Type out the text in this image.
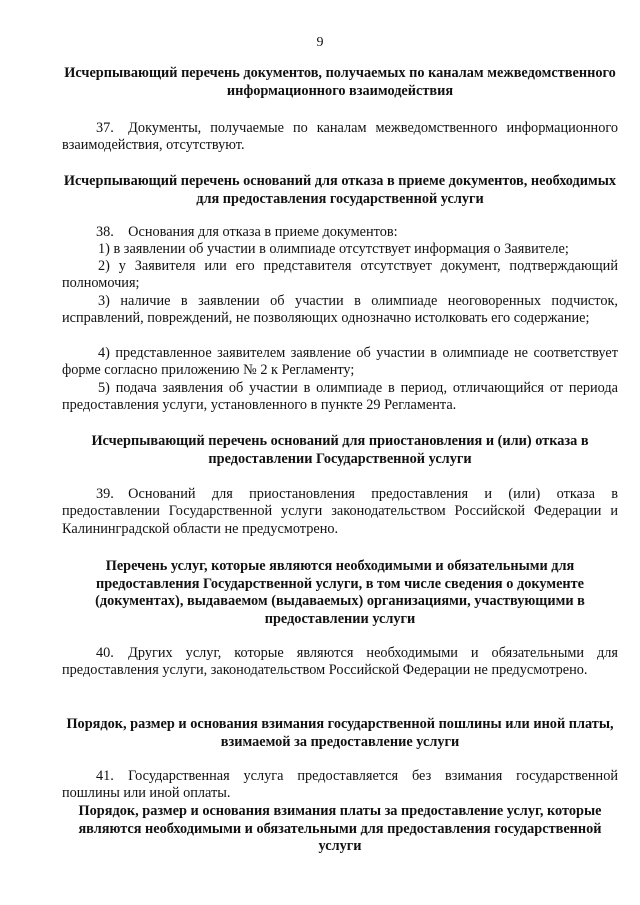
9
Исчерпывающий перечень документов, получаемых по каналам межведомственного информационного взаимодействия

37. Документы, получаемые по каналам межведомственного информационного взаимодействия, отсутствуют.

Исчерпывающий перечень оснований для отказа в приеме документов, необходимых для предоставления государственной услуги

38. Основания для отказа в приеме документов:

1) в заявлении об участии в олимпиаде отсутствует информация о Заявителе;

2) у Заявителя или его представителя отсутствует документ, подтверждающий полномочия;

3) наличие в заявлении об участии в олимпиаде неоговоренных подчисток, исправлений, повреждений, не позволяющих однозначно истолковать его содержание;

4) представленное заявителем заявление об участии в олимпиаде не соответствует форме согласно приложению № 2 к Регламенту;

5) подача заявления об участии в олимпиаде в период, отличающийся от периода предоставления услуги, установленного в пункте 29 Регламента.

Исчерпывающий перечень оснований для приостановления и (или) отказа в предоставлении Государственной услуги

39. Оснований для приостановления предоставления и (или) отказа в предоставлении Государственной услуги законодательством Российской Федерации и Калининградской области не предусмотрено.

Перечень услуг, которые являются необходимыми и обязательными для предоставления Государственной услуги, в том числе сведения о документе (документах), выдаваемом (выдаваемых) организациями, участвующими в предоставлении услуги

40. Других услуг, которые являются необходимыми и обязательными для предоставления услуги, законодательством Российской Федерации не предусмотрено.

Порядок, размер и основания взимания государственной пошлины или иной платы, взимаемой за предоставление услуги

41. Государственная услуга предоставляется без взимания государственной пошлины или иной оплаты.

Порядок, размер и основания взимания платы за предоставление услуг, которые являются необходимыми и обязательными для предоставления государственной услуги
